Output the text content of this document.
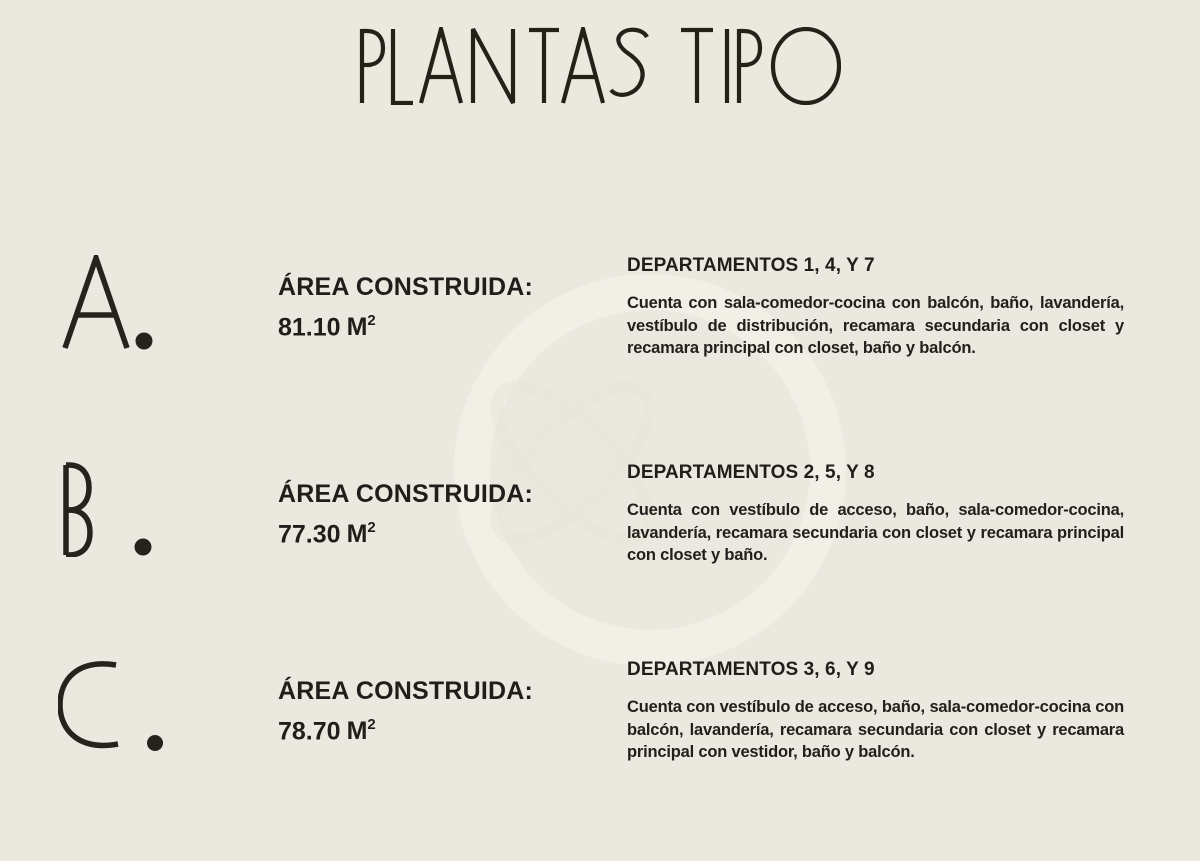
ÁREA CONSTRUIDA:
81.10 $M^2$
DEPARTAMENTOS 1, 4, Y 7

Cuenta con sala-comedor-cocina con balcón, baño, lavandería, vestíbulo de distribución, recamara secundaria con closet y recamara principal con closet, baño y balcón.

ÁREA CONSTRUIDA:
77.30 $M^2$
DEPARTAMENTOS 2, 5, Y 8

Cuenta con vestíbulo de acceso, baño, sala-comedor-cocina, lavandería, recamara secundaria con closet y recamara principal con closet y baño.

ÁREA CONSTRUIDA:
78.70 $M^2$
DEPARTAMENTOS 3, 6, Y 9

Cuenta con vestíbulo de acceso, baño, sala-comedor-cocina con balcón, lavandería, recamara secundaria con closet y recamara principal con vestidor, baño y balcón.
